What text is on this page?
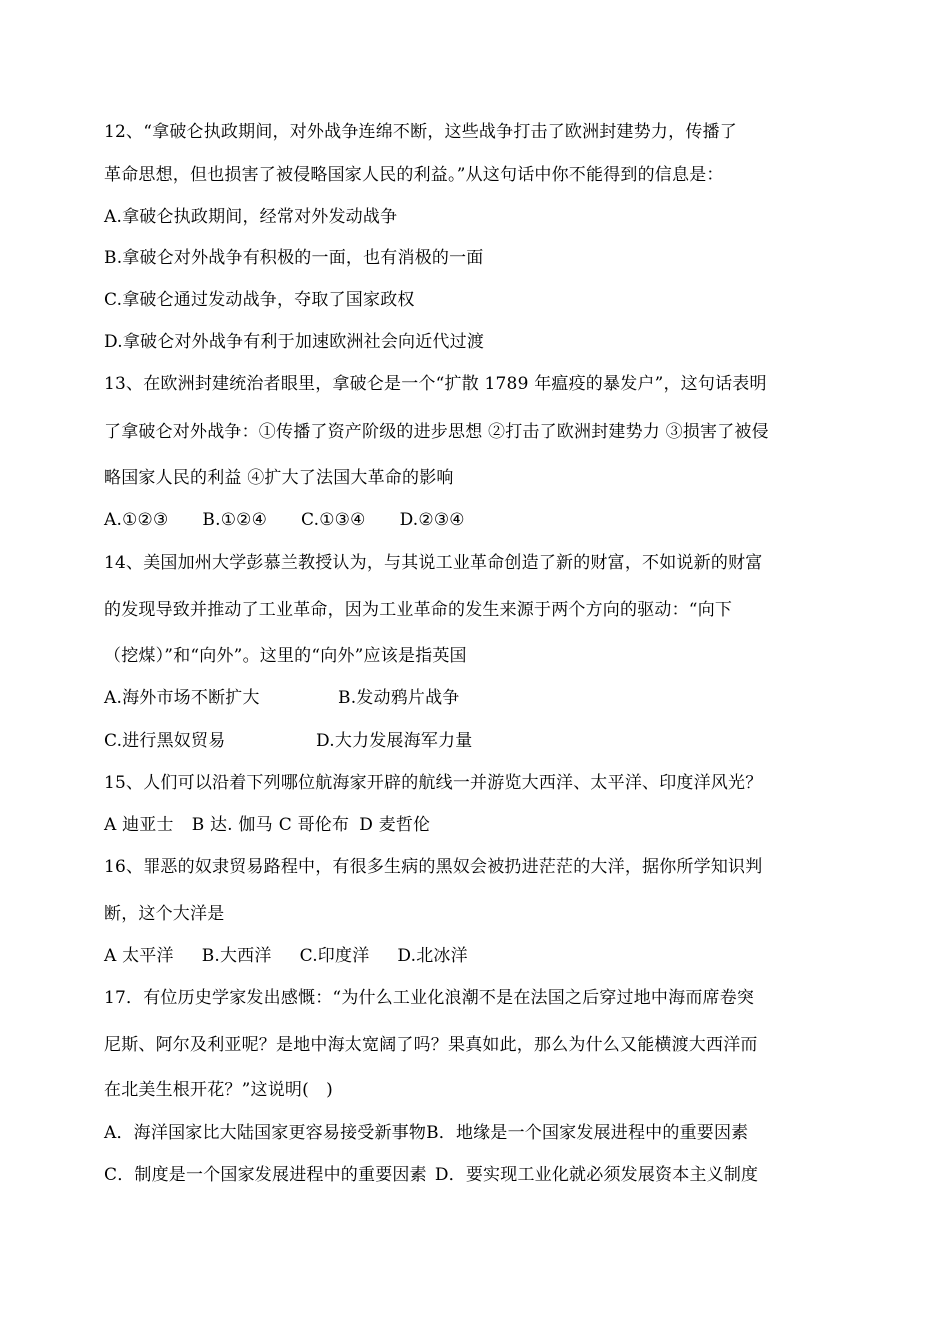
12、“拿破仑执政期间，对外战争连绵不断，这些战争打击了欧洲封建势力，传播了
革命思想，但也损害了被侵略国家人民的利益。”从这句话中你不能得到的信息是：
A.拿破仑执政期间，经常对外发动战争
B.拿破仑对外战争有积极的一面，也有消极的一面
C.拿破仑通过发动战争，夺取了国家政权
D.拿破仑对外战争有利于加速欧洲社会向近代过渡
13、在欧洲封建统治者眼里，拿破仑是一个“扩散 1789 年瘟疫的暴发户”，这句话表明
了拿破仑对外战争：①传播了资产阶级的进步思想 ②打击了欧洲封建势力 ③损害了被侵
略国家人民的利益 ④扩大了法国大革命的影响
A.①②③ B.①②④ C.①③④ D.②③④
14、美国加州大学彭慕兰教授认为，与其说工业革命创造了新的财富，不如说新的财富
的发现导致并推动了工业革命，因为工业革命的发生来源于两个方向的驱动：“向下
（挖煤）”和“向外”。这里的“向外”应该是指英国
A.海外市场不断扩大	B.发动鸦片战争
C.进行黑奴贸易	D.大力发展海军力量
15、人们可以沿着下列哪位航海家开辟的航线一并游览大西洋、太平洋、印度洋风光？
A 迪亚士 B 达. 伽马 C 哥伦布 D 麦哲伦
16、罪恶的奴隶贸易路程中，有很多生病的黑奴会被扔进茫茫的大洋，据你所学知识判
断，这个大洋是
A 太平洋 B.大西洋 C.印度洋 D.北冰洋
17．有位历史学家发出感慨：“为什么工业化浪潮不是在法国之后穿过地中海而席卷突
尼斯、阿尔及利亚呢？是地中海太宽阔了吗？果真如此，那么为什么又能横渡大西洋而
在北美生根开花？”这说明(　)
A．海洋国家比大陆国家更容易接受新事物B．地缘是一个国家发展进程中的重要因素
C．制度是一个国家发展进程中的重要因素 D．要实现工业化就必须发展资本主义制度
